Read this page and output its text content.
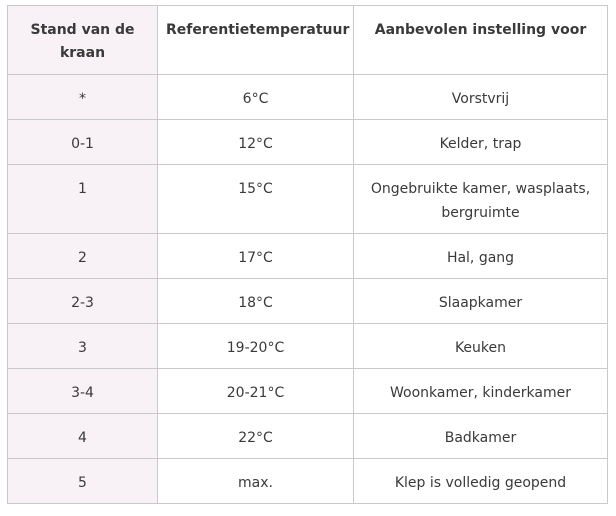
Stand van de kraan	Referentietemperatuur	Aanbevolen instelling voor
*	6°C	Vorstvrij
0-1	12°C	Kelder, trap
1	15°C	Ongebruikte kamer, wasplaats, bergruimte
2	17°C	Hal, gang
2-3	18°C	Slaapkamer
3	19-20°C	Keuken
3-4	20-21°C	Woonkamer, kinderkamer
4	22°C	Badkamer
5	max.	Klep is volledig geopend
